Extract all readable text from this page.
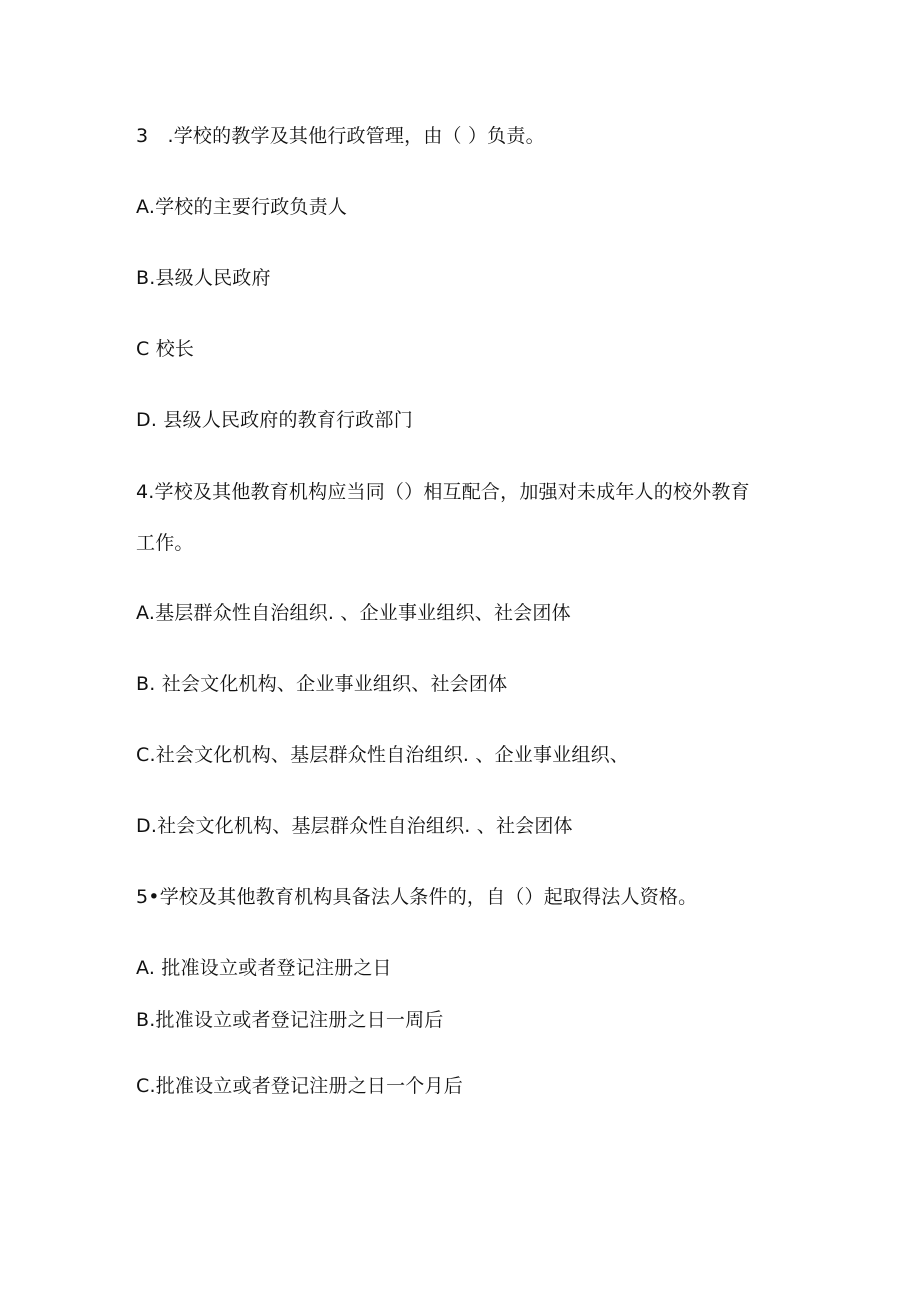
3 .学校的教学及其他行政管理，由（ ）负责。
A.学校的主要行政负责人
B.县级人民政府
C 校长
D. 县级人民政府的教育行政部门
4.学校及其他教育机构应当同（）相互配合，加强对未成年人的校外教育
工作。
A.基层群众性自治组织. 、企业事业组织、社会团体
B. 社会文化机构、企业事业组织、社会团体
C.社会文化机构、基层群众性自治组织. 、企业事业组织、
D.社会文化机构、基层群众性自治组织. 、社会团体
5•学校及其他教育机构具备法人条件的，自（）起取得法人资格。
A. 批准设立或者登记注册之日
B.批准设立或者登记注册之日一周后
C.批准设立或者登记注册之日一个月后
